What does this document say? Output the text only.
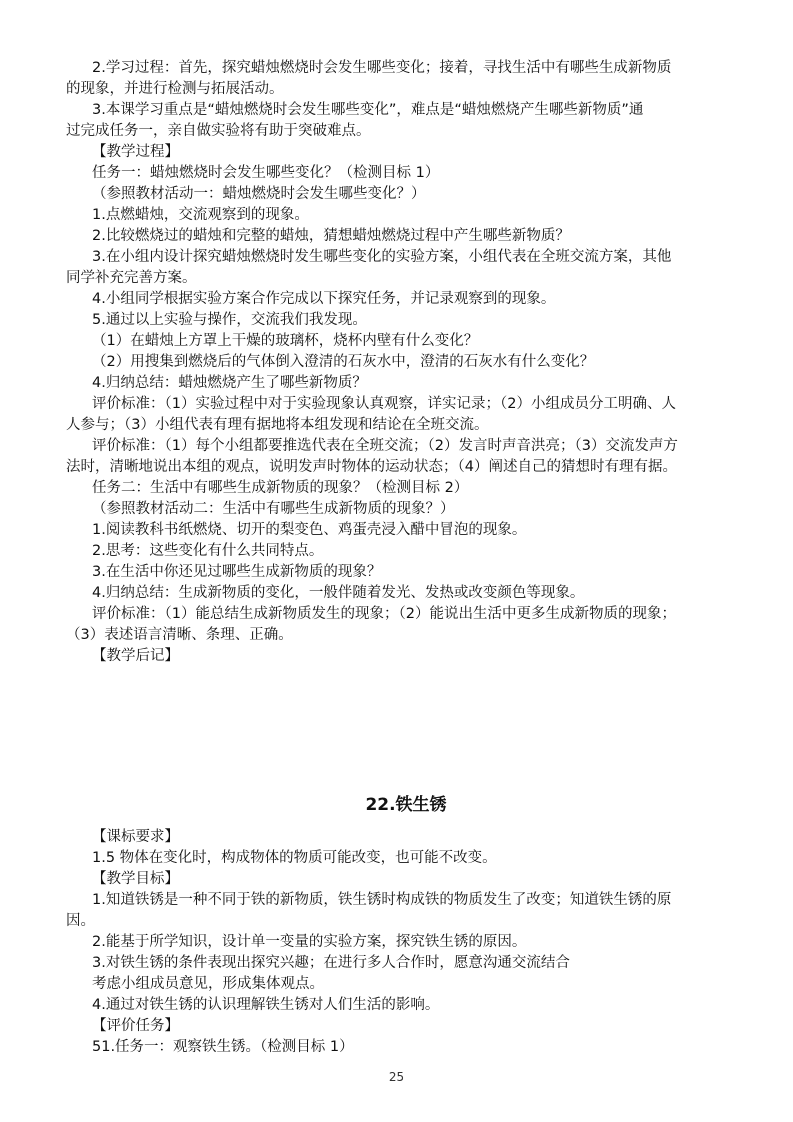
2.学习过程：首先，探究蜡烛燃烧时会发生哪些变化；接着，寻找生活中有哪些生成新物质
的现象，并进行检测与拓展活动。
3.本课学习重点是“蜡烛燃烧时会发生哪些变化”，难点是“蜡烛燃烧产生哪些新物质”通
过完成任务一，亲自做实验将有助于突破难点。
【教学过程】
任务一：蜡烛燃烧时会发生哪些变化？（检测目标 1）
（参照教材活动一：蜡烛燃烧时会发生哪些变化？）
1.点燃蜡烛，交流观察到的现象。
2.比较燃烧过的蜡烛和完整的蜡烛，猜想蜡烛燃烧过程中产生哪些新物质？
3.在小组内设计探究蜡烛燃烧时发生哪些变化的实验方案，小组代表在全班交流方案，其他
同学补充完善方案。
4.小组同学根据实验方案合作完成以下探究任务，并记录观察到的现象。
5.通过以上实验与操作，交流我们我发现。
（1）在蜡烛上方罩上干燥的玻璃杯，烧杯内壁有什么变化？
（2）用搜集到燃烧后的气体倒入澄清的石灰水中，澄清的石灰水有什么变化？
4.归纳总结：蜡烛燃烧产生了哪些新物质？
评价标准：（1）实验过程中对于实验现象认真观察，详实记录；（2）小组成员分工明确、人
人参与；（3）小组代表有理有据地将本组发现和结论在全班交流。
评价标准：（1）每个小组都要推选代表在全班交流；（2）发言时声音洪亮；（3）交流发声方
法时，清晰地说出本组的观点，说明发声时物体的运动状态；（4）阐述自己的猜想时有理有据。
任务二：生活中有哪些生成新物质的现象？（检测目标 2）
（参照教材活动二：生活中有哪些生成新物质的现象？）
1.阅读教科书纸燃烧、切开的梨变色、鸡蛋壳浸入醋中冒泡的现象。
2.思考：这些变化有什么共同特点。
3.在生活中你还见过哪些生成新物质的现象？
4.归纳总结：生成新物质的变化，一般伴随着发光、发热或改变颜色等现象。
评价标准：（1）能总结生成新物质发生的现象；（2）能说出生活中更多生成新物质的现象；
（3）表述语言清晰、条理、正确。
【教学后记】
22.铁生锈
【课标要求】
1.5 物体在变化时，构成物体的物质可能改变，也可能不改变。
【教学目标】
1.知道铁锈是一种不同于铁的新物质，铁生锈时构成铁的物质发生了改变；知道铁生锈的原
因。
2.能基于所学知识，设计单一变量的实验方案，探究铁生锈的原因。
3.对铁生锈的条件表现出探究兴趣；在进行多人合作时，愿意沟通交流结合
考虑小组成员意见，形成集体观点。
4.通过对铁生锈的认识理解铁生锈对人们生活的影响。
【评价任务】
51.任务一：观察铁生锈。（检测目标 1）
25
